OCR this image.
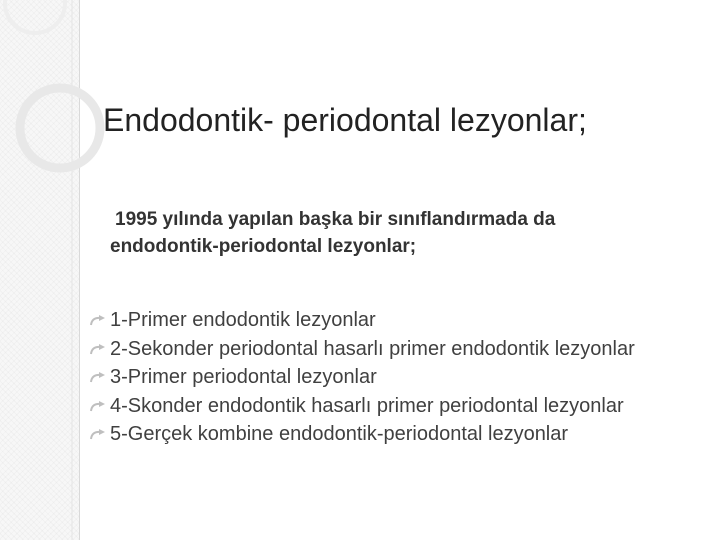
Endodontik- periodontal lezyonlar;
1995 yılında yapılan başka bir sınıflandırmada da
endodontik-periodontal lezyonlar;
1-Primer endodontik lezyonlar
2-Sekonder periodontal hasarlı primer endodontik lezyonlar
3-Primer periodontal lezyonlar
4-Skonder endodontik hasarlı primer periodontal lezyonlar
5-Gerçek kombine endodontik-periodontal lezyonlar
